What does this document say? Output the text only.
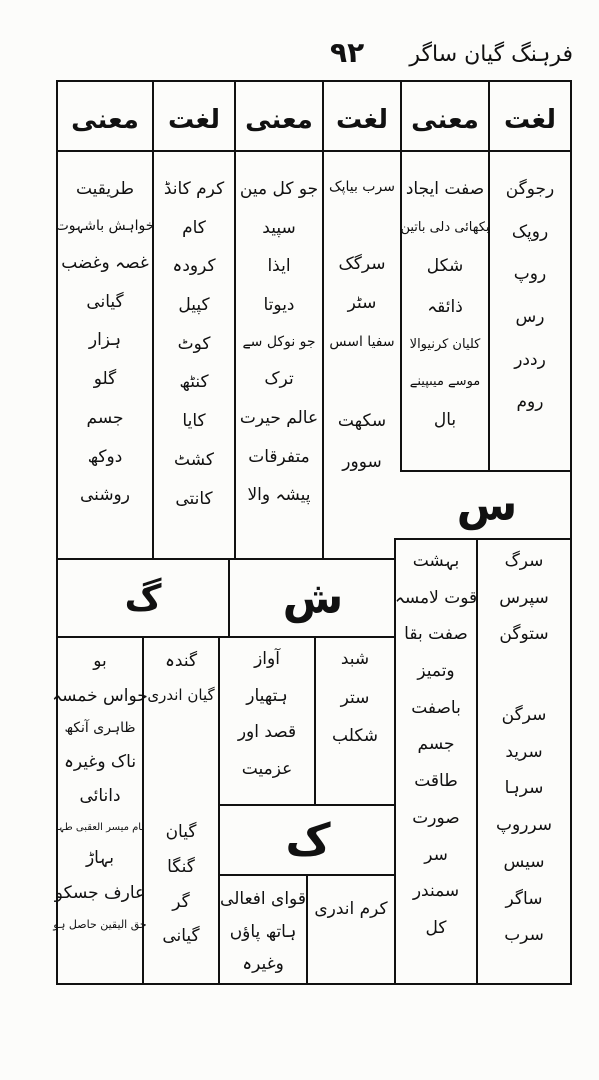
فرہنگ گیان ساگر
٩٢
لغت
معنی
لغت
معنی
لغت
معنی
رجوگن
روپک
روپ
رس
رددر
روم
صفت ایجاد
بکھائی دلی باتین
شکل
ذائقہ
کلیان کرنیوالا
موسے میںپینے
بال
سرب بیاپک
سرگک
سٹر
سفیا اسس
سکھت
سوور
جو کل مین
سپید
ایذا
دیوتا
جو نوکل سے
ترک
عالم حیرت
متفرقات
پیشہ والا
کرم کانڈ
کام
کرودہ
کپیل
کوٹ
کنٹھ
کایا
کشٹ
کانتی
طریقیت
خواہش باشہوت
غصہ وغضب
گیانی
ہزار
گلو
جسم
دوکھ
روشنی	س
ش
گ
ک
سرگ
سپرس
ستوگن
سرگن
سرید
سرہا
سرروپ
سیس
ساگر
سرب
بہشت
قوت لامسہ
صفت بقا
وتمیز
باصفت
جسم
طاقت
صورت
سر
سمندر
کل
شبد
ستر
شکلب
آواز
ہتھیار
قصد اور
عزمیت
گندہ
گیان اندری
گیان
گنگا
گر
گیانی
بو
حواس خمسہ
ظاہری آنکھ
ناک وغیرہ
دانائی
نام میسر العقبی طہا
بہاڑ
عارف جسکو
حق الیقین حاصل ہو
کرم اندری
قوای افعالی
ہاتھ پاؤں
وغیرہ
